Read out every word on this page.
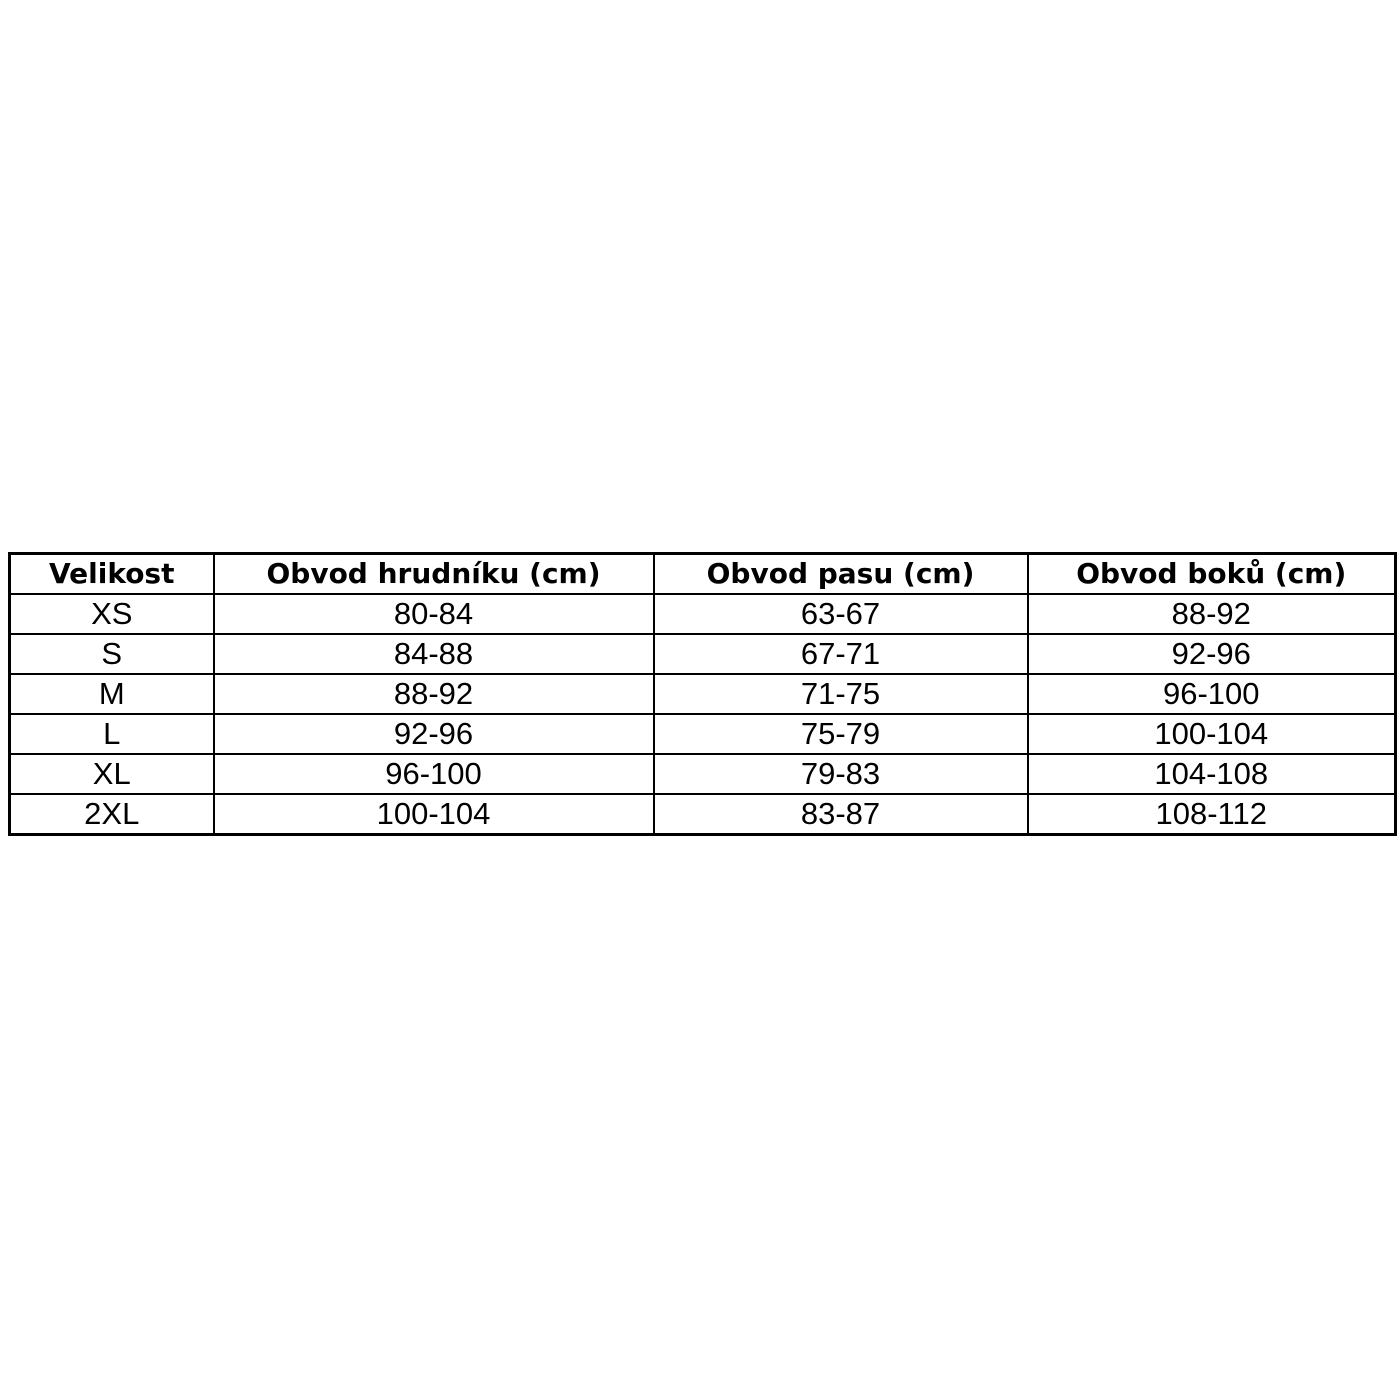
Velikost	Obvod hrudníku (cm)	Obvod pasu (cm)	Obvod boků (cm)
XS	80-84	63-67	88-92
S	84-88	67-71	92-96
M	88-92	71-75	96-100
L	92-96	75-79	100-104
XL	96-100	79-83	104-108
2XL	100-104	83-87	108-112
